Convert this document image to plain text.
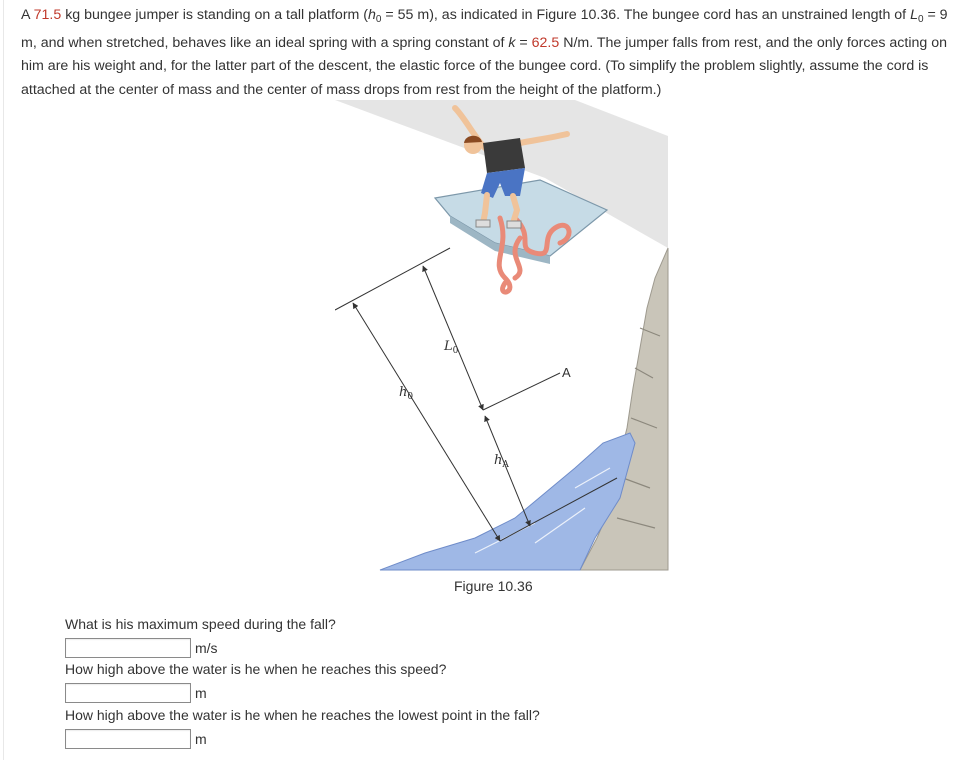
A 71.5 kg bungee jumper is standing on a tall platform ($h_0 = 55$ m), as indicated in Figure 10.36. The bungee cord has an unstrained length of $L_0 = 9$ m, and when stretched, behaves like an ideal spring with a spring constant of k = 62.5 N/m. The jumper falls from rest, and the only forces acting on him are his weight and, for the latter part of the descent, the elastic force of the bungee cord. (To simplify the problem slightly, assume the cord is attached at the center of mass and the center of mass drops from rest from the height of the platform.)
$h_0$
$L_0$
A
$h_A$
Figure 10.36
What is his maximum speed during the fall?
m/s
How high above the water is he when he reaches this speed?
m
How high above the water is he when he reaches the lowest point in the fall?
m
